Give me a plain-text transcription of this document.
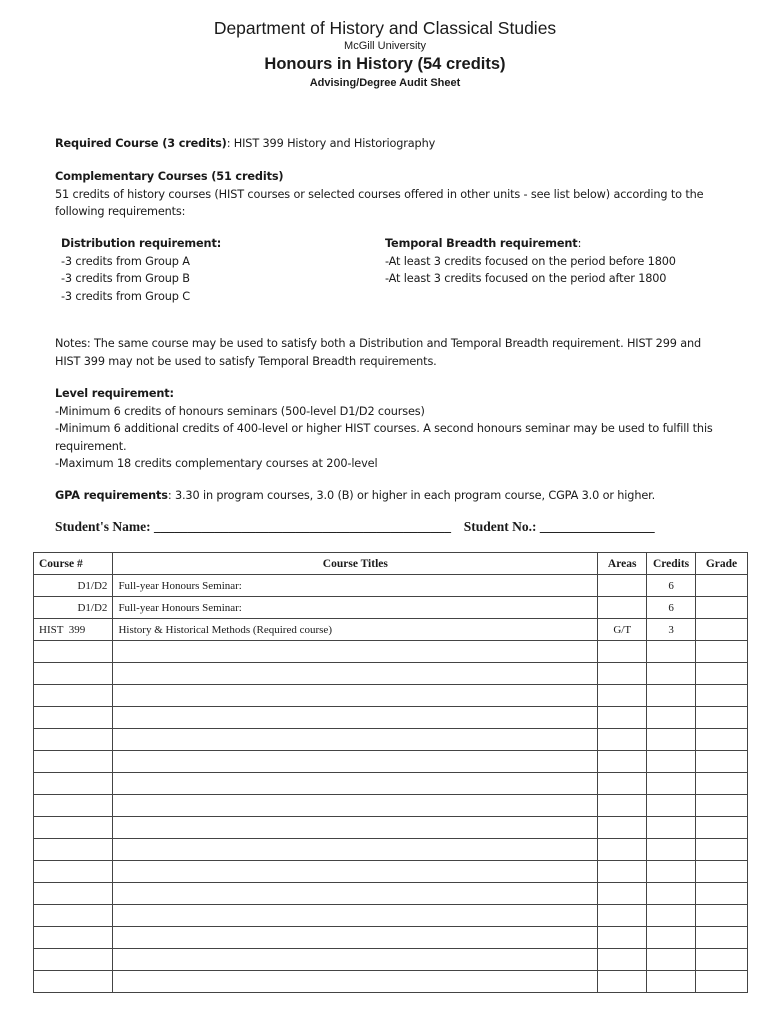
Department of History and Classical Studies
McGill University
Honours in History (54 credits)
Advising/Degree Audit Sheet
Required Course (3 credits): HIST 399 History and Historiography
Complementary Courses (51 credits)
51 credits of history courses (HIST courses or selected courses offered in other units - see list below) according to the following requirements:
Distribution requirement:
-3 credits from Group A
-3 credits from Group B
-3 credits from Group C
Temporal Breadth requirement:
-At least 3 credits focused on the period before 1800
-At least 3 credits focused on the period after 1800
Notes: The same course may be used to satisfy both a Distribution and Temporal Breadth requirement. HIST 299 and HIST 399 may not be used to satisfy Temporal Breadth requirements.
Level requirement:
-Minimum 6 credits of honours seminars (500-level D1/D2 courses)
-Minimum 6 additional credits of 400-level or higher HIST courses. A second honours seminar may be used to fulfill this requirement.
-Maximum 18 credits complementary courses at 200-level
GPA requirements: 3.30 in program courses, 3.0 (B) or higher in each program course, CGPA 3.0 or higher.
Student's Name: ____________________________________________ Student No.: _________________
Course #	Course Titles	Areas	Credits	Grade
D1/D2	Full-year Honours Seminar:		6	
D1/D2	Full-year Honours Seminar:		6	
HIST  399	History & Historical Methods (Required course)	G/T	3	
